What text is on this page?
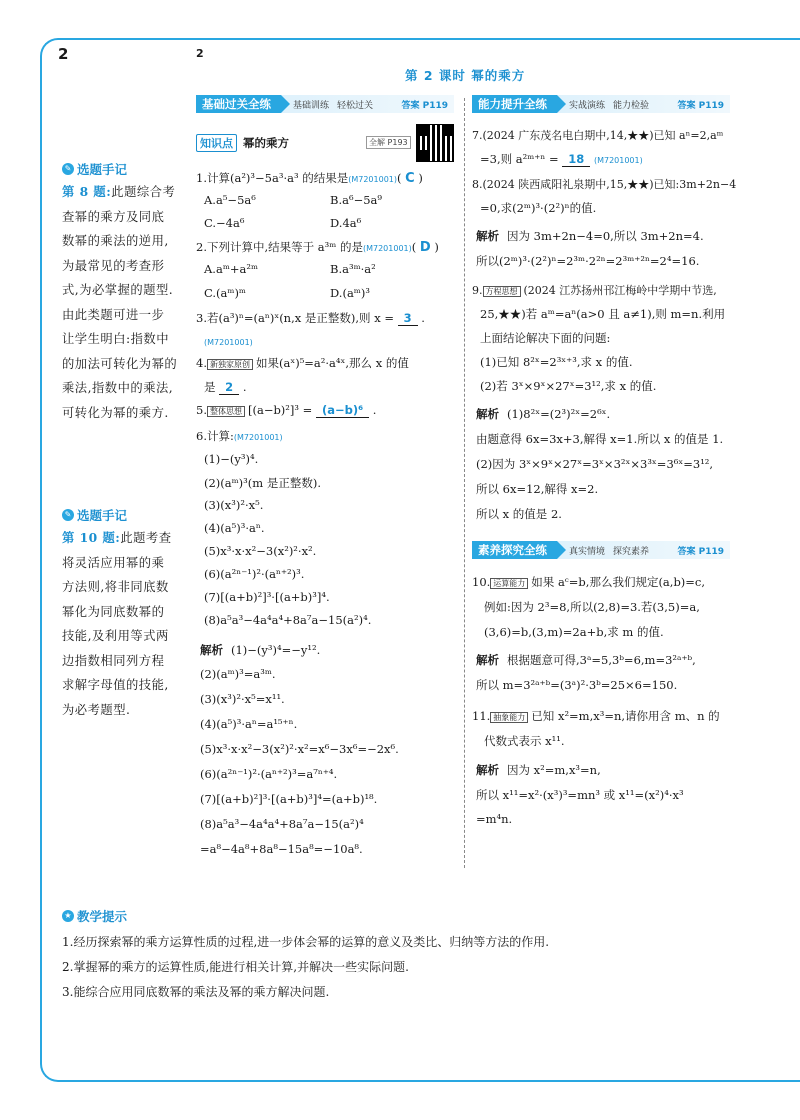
2	2
第 2 课时 幂的乘方
基础过关全练	基础训练 轻松过关	答案 P119	能力提升全练	实战演练 能力检验	答案 P119
素养探究全练	真实情境 探究素养	答案 P119
知识点 幂的乘方	全解 P193
✎ 选题手记
第 8 题:此题综合考
查幂的乘方及同底
数幂的乘法的逆用,
为最常见的考查形
式,为必掌握的题型.
由此类题可进一步
让学生明白:指数中
的加法可转化为幂的
乘法,指数中的乘法,
可转化为幂的乘方.
✎ 选题手记
第 10 题:此题考查
将灵活应用幂的乘
方法则,将非同底数
幂化为同底数幂的
技能,及利用等式两
边指数相同列方程
求解字母值的技能,
为必考题型.
1.计算(a²)³−5a³·a³ 的结果是(M7201001)( C )
A.a⁵−5a⁶	B.a⁶−5a⁹
C.−4a⁶	D.4a⁶
2.下列计算中,结果等于 a³ᵐ 的是(M7201001)( D )
A.aᵐ+a²ᵐ	B.a³ᵐ·a²
C.(aᵐ)ᵐ	D.(aᵐ)³
3.若(a³)ⁿ=(aⁿ)ˣ(n,x 是正整数),则 x = 3 .
(M7201001)
4. 新独家原创 如果(aˣ)⁵=a²·a⁴ˣ,那么 x 的值
是 2 .
5. 整体思想 [(a−b)²]³ = (a−b)⁶ .
6.计算:(M7201001)
(1)−(y³)⁴.
(2)(aᵐ)³(m 是正整数).
(3)(x³)²·x⁵.
(4)(a⁵)³·aⁿ.
(5)x³·x·x²−3(x²)²·x².
(6)(a²ⁿ⁻¹)²·(aⁿ⁺²)³.
(7)[(a+b)²]³·[(a+b)³]⁴.
(8)a⁵a³−4a⁴a⁴+8a⁷a−15(a²)⁴.
解析 (1)−(y³)⁴=−y¹².
(2)(aᵐ)³=a³ᵐ.
(3)(x³)²·x⁵=x¹¹.
(4)(a⁵)³·aⁿ=a¹⁵⁺ⁿ.
(5)x³·x·x²−3(x²)²·x²=x⁶−3x⁶=−2x⁶.
(6)(a²ⁿ⁻¹)²·(aⁿ⁺²)³=a⁷ⁿ⁺⁴.
(7)[(a+b)²]³·[(a+b)³]⁴=(a+b)¹⁸.
(8)a⁵a³−4a⁴a⁴+8a⁷a−15(a²)⁴
=a⁸−4a⁸+8a⁸−15a⁸=−10a⁸.
7.(2024 广东茂名电白期中,14,★★)已知 aⁿ=2,aᵐ
=3,则 a²ᵐ⁺ⁿ = 18 (M7201001)
8.(2024 陕西咸阳礼泉期中,15,★★)已知:3m+2n−4
=0,求(2ᵐ)³·(2²)ⁿ的值.
解析 因为 3m+2n−4=0,所以 3m+2n=4.
所以(2ᵐ)³·(2²)ⁿ=2³ᵐ·2²ⁿ=2³ᵐ⁺²ⁿ=2⁴=16.
9. 方程思想 (2024 江苏扬州邗江梅岭中学期中节选,
25,★★)若 aᵐ=aⁿ(a>0 且 a≠1),则 m=n.利用
上面结论解决下面的问题:
(1)已知 8²ˣ=2³ˣ⁺³,求 x 的值.
(2)若 3ˣ×9ˣ×27ˣ=3¹²,求 x 的值.
解析 (1)8²ˣ=(2³)²ˣ=2⁶ˣ.
由题意得 6x=3x+3,解得 x=1.所以 x 的值是 1.
(2)因为 3ˣ×9ˣ×27ˣ=3ˣ×3²ˣ×3³ˣ=3⁶ˣ=3¹²,
所以 6x=12,解得 x=2.
所以 x 的值是 2.
10. 运算能力 如果 aᶜ=b,那么我们规定(a,b)=c,
例如:因为 2³=8,所以(2,8)=3.若(3,5)=a,
(3,6)=b,(3,m)=2a+b,求 m 的值.
解析 根据题意可得,3ᵃ=5,3ᵇ=6,m=3²ᵃ⁺ᵇ,
所以 m=3²ᵃ⁺ᵇ=(3ᵃ)²·3ᵇ=25×6=150.
11. 抽象能力 已知 x²=m,x³=n,请你用含 m、n 的
代数式表示 x¹¹.
解析 因为 x²=m,x³=n,
所以 x¹¹=x²·(x³)³=mn³ 或 x¹¹=(x²)⁴·x³
=m⁴n.
★ 教学提示
1.经历探索幂的乘方运算性质的过程,进一步体会幂的运算的意义及类比、归纳等方法的作用.
2.掌握幂的乘方的运算性质,能进行相关计算,并解决一些实际问题.
3.能综合应用同底数幂的乘法及幂的乘方解决问题.
